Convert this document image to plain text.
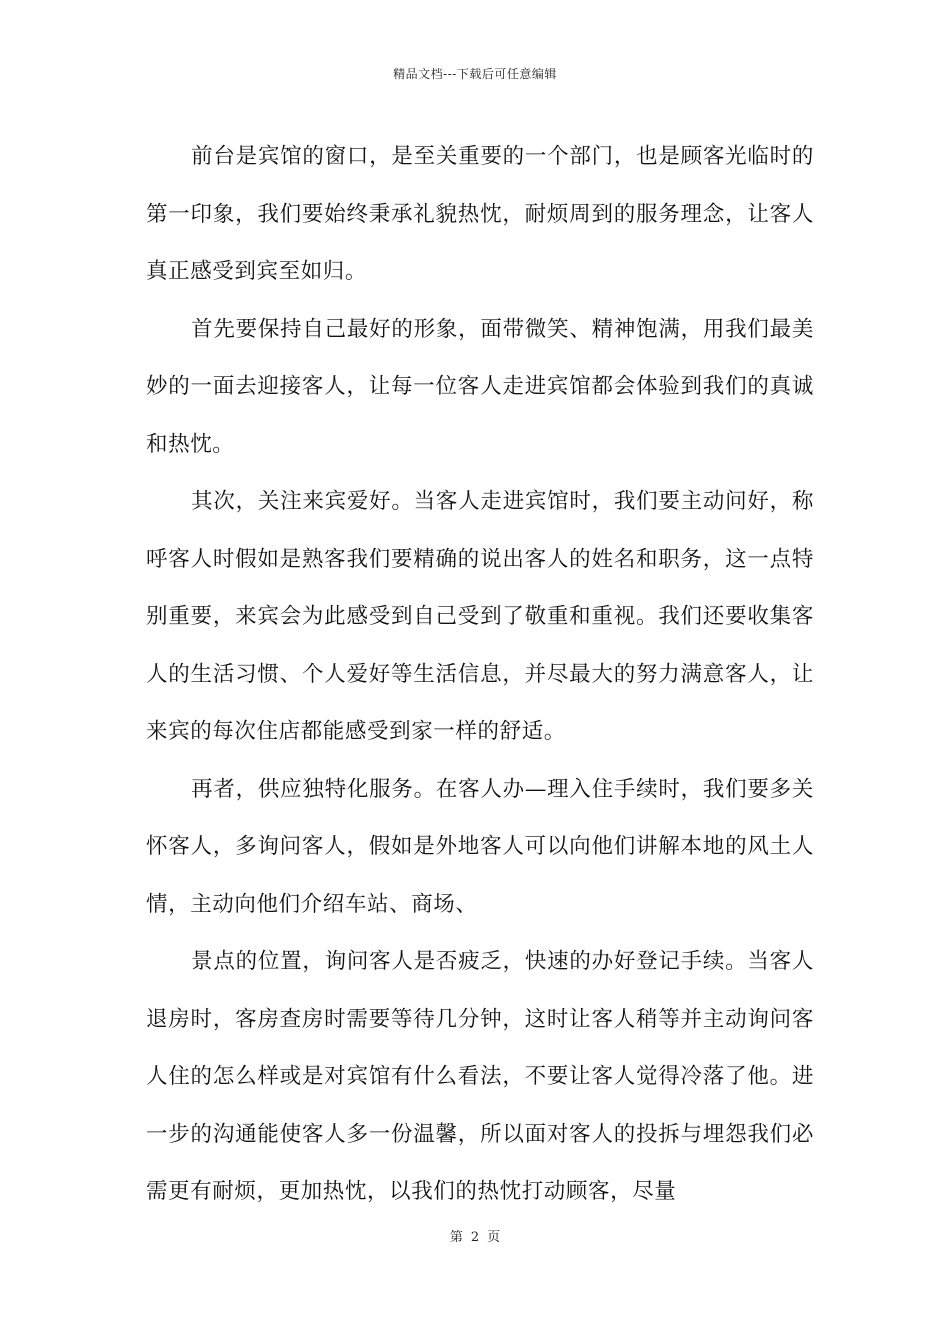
精品文档---下载后可任意编辑

前台是宾馆的窗口，是至关重要的一个部门，也是顾客光临时的第一印象，我们要始终秉承礼貌热忱，耐烦周到的服务理念，让客人真正感受到宾至如归。

首先要保持自己最好的形象，面带微笑、精神饱满，用我们最美妙的一面去迎接客人，让每一位客人走进宾馆都会体验到我们的真诚和热忱。

其次，关注来宾爱好。当客人走进宾馆时，我们要主动问好，称呼客人时假如是熟客我们要精确的说出客人的姓名和职务，这一点特别重要，来宾会为此感受到自己受到了敬重和重视。我们还要收集客人的生活习惯、个人爱好等生活信息，并尽最大的努力满意客人，让来宾的每次住店都能感受到家一样的舒适。

再者，供应独特化服务。在客人办—理入住手续时，我们要多关怀客人，多询问客人，假如是外地客人可以向他们讲解本地的风土人情，主动向他们介绍车站、商场、

景点的位置，询问客人是否疲乏，快速的办好登记手续。当客人退房时，客房查房时需要等待几分钟，这时让客人稍等并主动询问客人住的怎么样或是对宾馆有什么看法，不要让客人觉得冷落了他。进一步的沟通能使客人多一份温馨，所以面对客人的投拆与埋怨我们必需更有耐烦，更加热忱，以我们的热忱打动顾客，尽量

第 2 页
